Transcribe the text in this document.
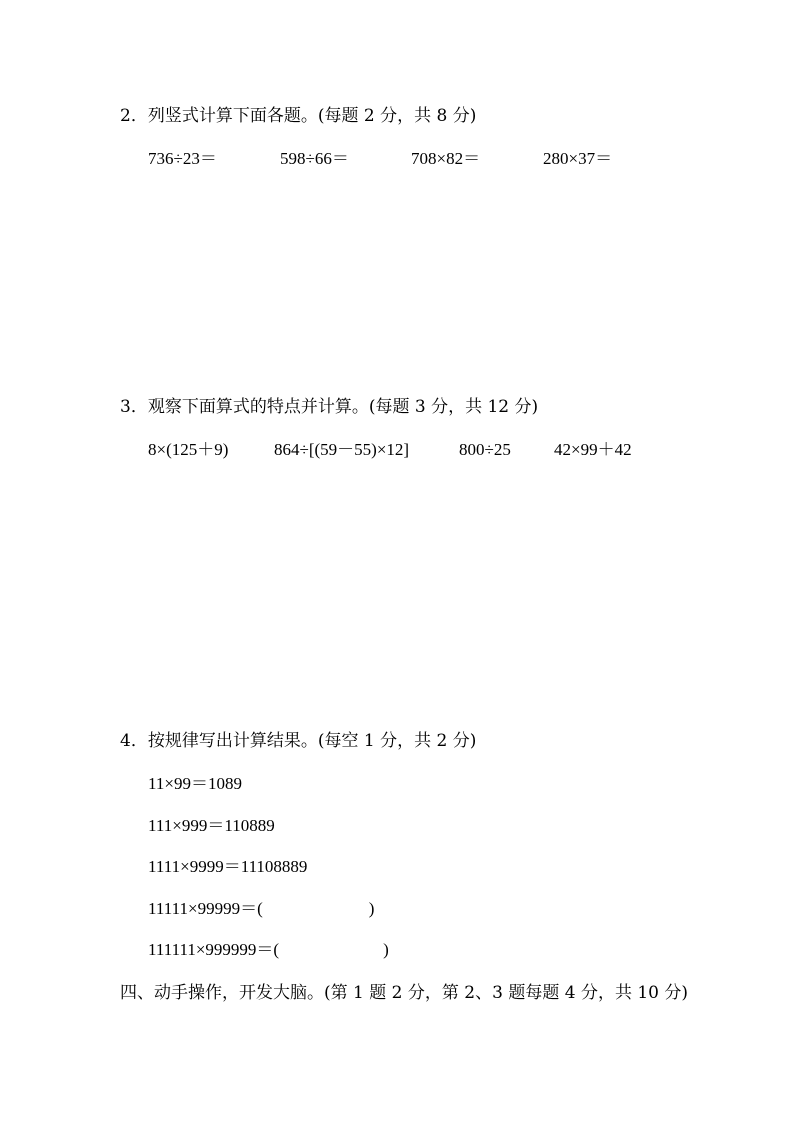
2．列竖式计算下面各题。(每题 2 分，共 8 分)
736÷23＝	598÷66＝	708×82＝	280×37＝
3．观察下面算式的特点并计算。(每题 3 分，共 12 分)
8×(125＋9)	864÷[(59－55)×12]	800÷25	42×99＋42
4．按规律写出计算结果。(每空 1 分，共 2 分)
11×99＝1089
111×999＝110889
1111×9999＝11108889
11111×99999＝(	)
111111×999999＝(	)
四、动手操作，开发大脑。(第 1 题 2 分，第 2、3 题每题 4 分，共 10 分)
